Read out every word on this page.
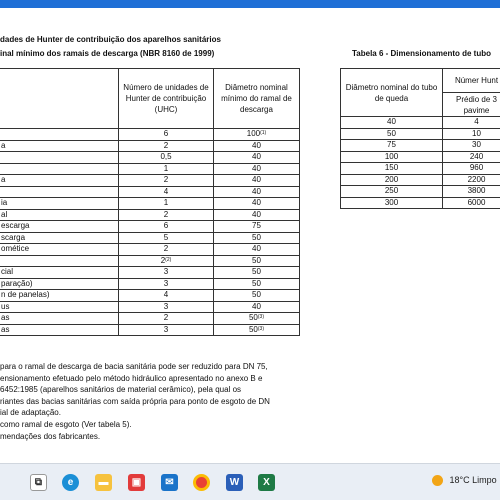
dades de Hunter de contribuição dos aparelhos sanitários
inal mínimo dos ramais de descarga (NBR 8160 de 1999)	Tabela 6 - Dimensionamento de tubo
	Número de unidades de Hunter de contribuição (UHC)	Diâmetro nominal mínimo do ramal de descarga
	6	100$^{(1)}$
a	2	40
	0,5	40
	1	40
a	2	40
	4	40
ia	1	40
al	2	40
escarga	6	75
scarga	5	50
ométice	2	40
	2$^{(2)}$	50
cial	3	50
paração)	3	50
n de panelas)	4	50
us	3	40
as	2	50$^{(3)}$
as	3	50$^{(3)}$
para o ramal de descarga de bacia sanitária pode ser reduzido para DN 75,
ensionamento efetuado pelo método hidráulico apresentado no anexo B e
6452:1985 (aparelhos sanitários de material cerâmico), pela qual os
riantes das bacias sanitárias com saída própria para ponto de esgoto de DN
ial de adaptação.
como ramal de esgoto (Ver tabela 5).
mendações dos fabricantes.
Diâmetro nominal do tubo de queda	Númer Hunt
	Prédio de 3 pavime
40	4
50	10
75	30
100	240
150	960
200	2200
250	3800
300	6000
⧉	e	▬	▣	✉	W	X	18°C Limpo
